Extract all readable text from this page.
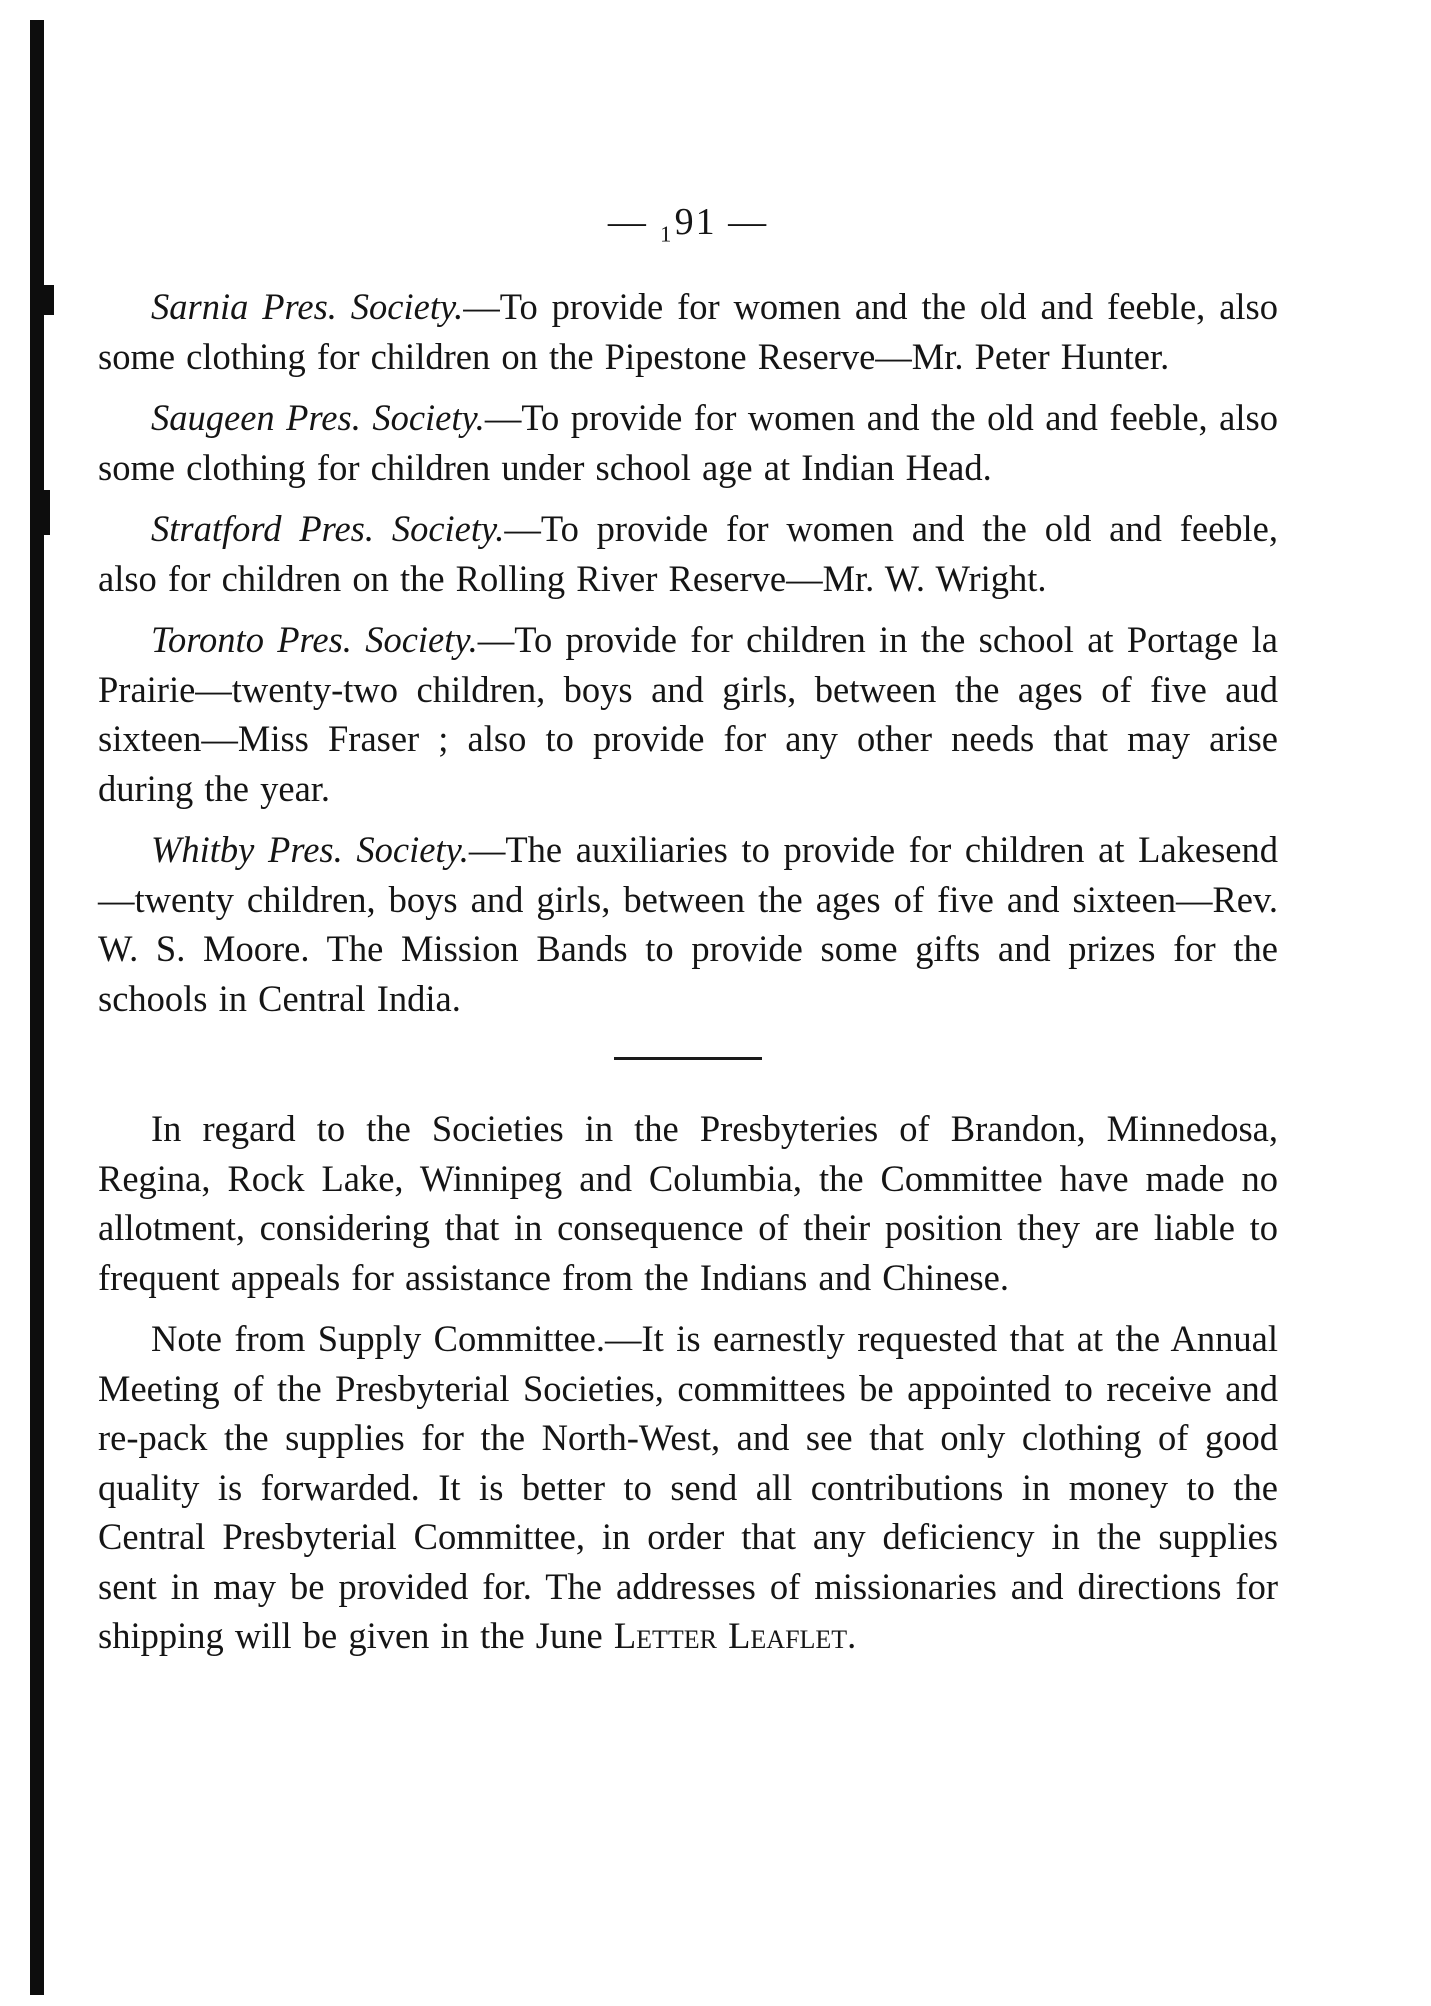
— ₁91 —

Sarnia Pres. Society.—To provide for women and the old and feeble, also some clothing for children on the Pipestone Reserve—Mr. Peter Hunter.

Saugeen Pres. Society.—To provide for women and the old and feeble, also some clothing for children under school age at Indian Head.

Stratford Pres. Society.—To provide for women and the old and feeble, also for children on the Rolling River Reserve—Mr. W. Wright.

Toronto Pres. Society.—To provide for children in the school at Portage la Prairie—twenty-two children, boys and girls, between the ages of five aud sixteen—Miss Fraser ; also to provide for any other needs that may arise during the year.

Whitby Pres. Society.—The auxiliaries to provide for children at Lakesend—twenty children, boys and girls, between the ages of five and sixteen—Rev. W. S. Moore. The Mission Bands to provide some gifts and prizes for the schools in Central India.

In regard to the Societies in the Presbyteries of Brandon, Minnedosa, Regina, Rock Lake, Winnipeg and Columbia, the Committee have made no allotment, considering that in consequence of their position they are liable to frequent appeals for assistance from the Indians and Chinese.

Note from Supply Committee.—It is earnestly requested that at the Annual Meeting of the Presbyterial Societies, committees be appointed to receive and re-pack the supplies for the North-West, and see that only clothing of good quality is forwarded. It is better to send all contributions in money to the Central Presbyterial Committee, in order that any deficiency in the supplies sent in may be provided for. The addresses of missionaries and directions for shipping will be given in the June Letter Leaflet.
